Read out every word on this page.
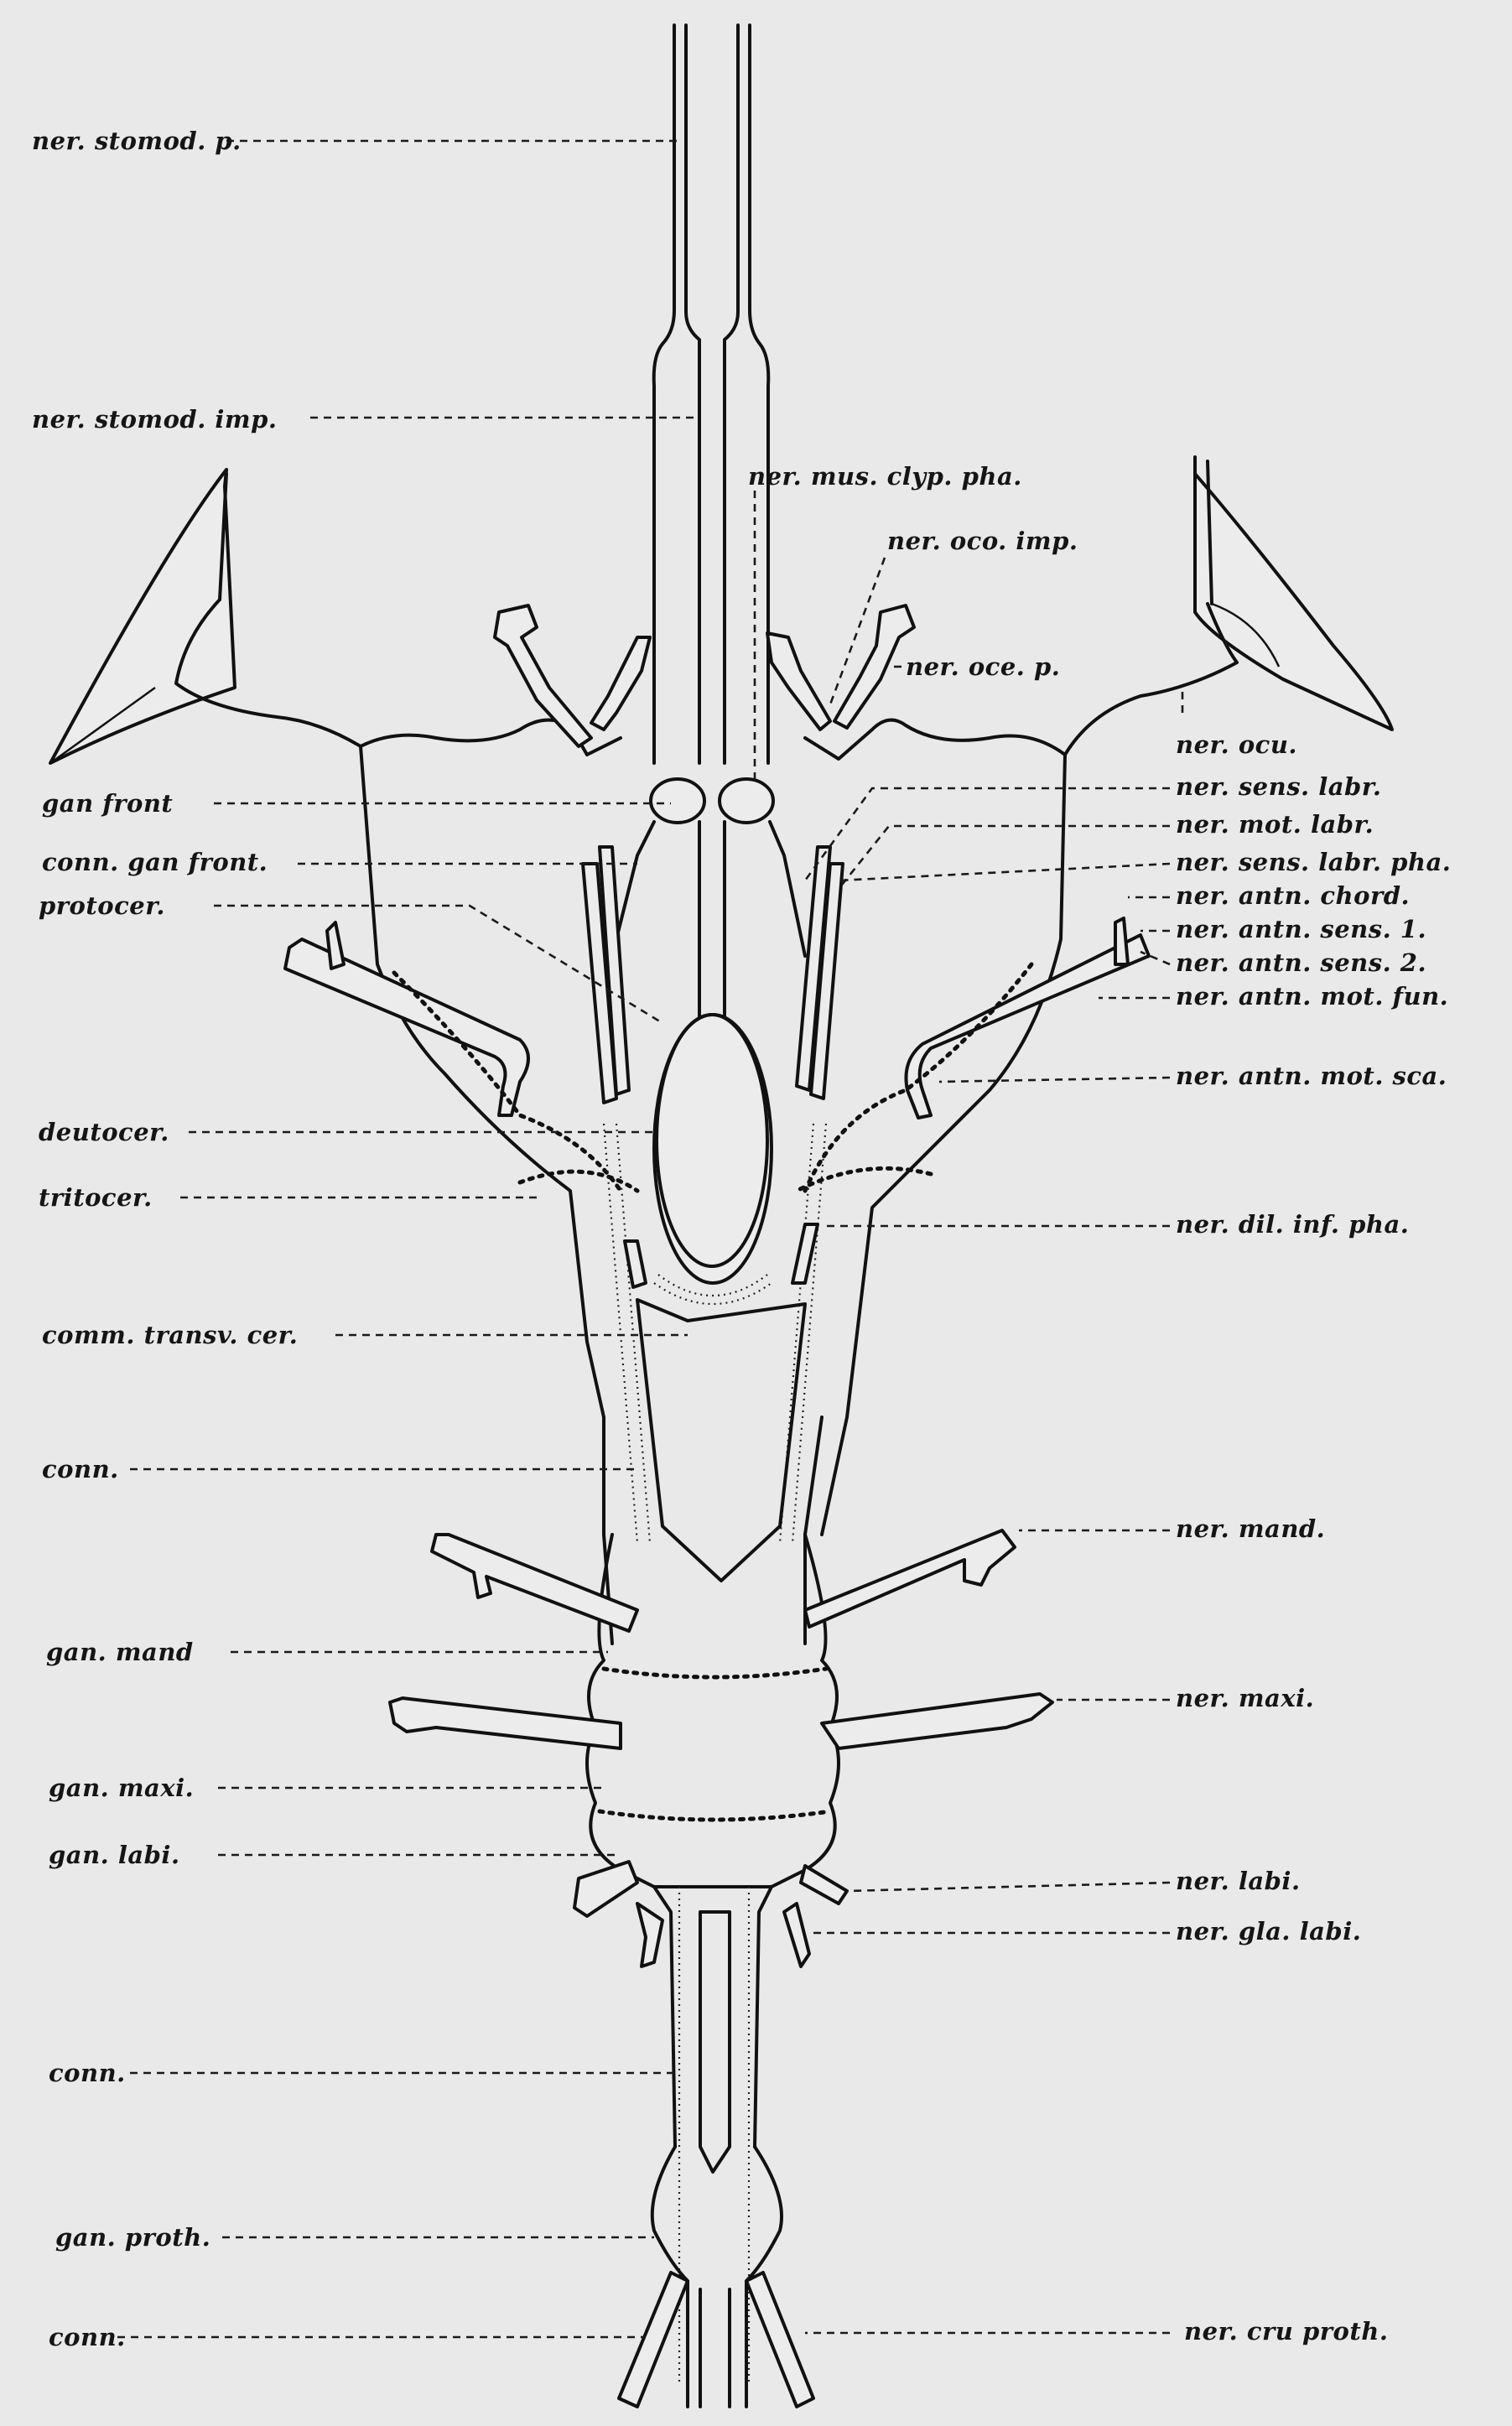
ner. stomod. p.
ner. stomod. imp.
gan front
conn. gan front.
protocer.
deutocer.
tritocer.
comm. transv. cer.
conn.
gan. mand
gan. maxi.
gan. labi.
conn.
gan. proth.
conn.
ner. mus. clyp. pha.
ner. oco. imp.
ner. oce. p.
ner. ocu.
ner. sens. labr.
ner. mot. labr.
ner. sens. labr. pha.
ner. antn. chord.
ner. antn. sens. 1.
ner. antn. sens. 2.
ner. antn. mot. fun.
ner. antn. mot. sca.
ner. dil. inf. pha.
ner. mand.
ner. maxi.
ner. labi.
ner. gla. labi.
ner. cru proth.
